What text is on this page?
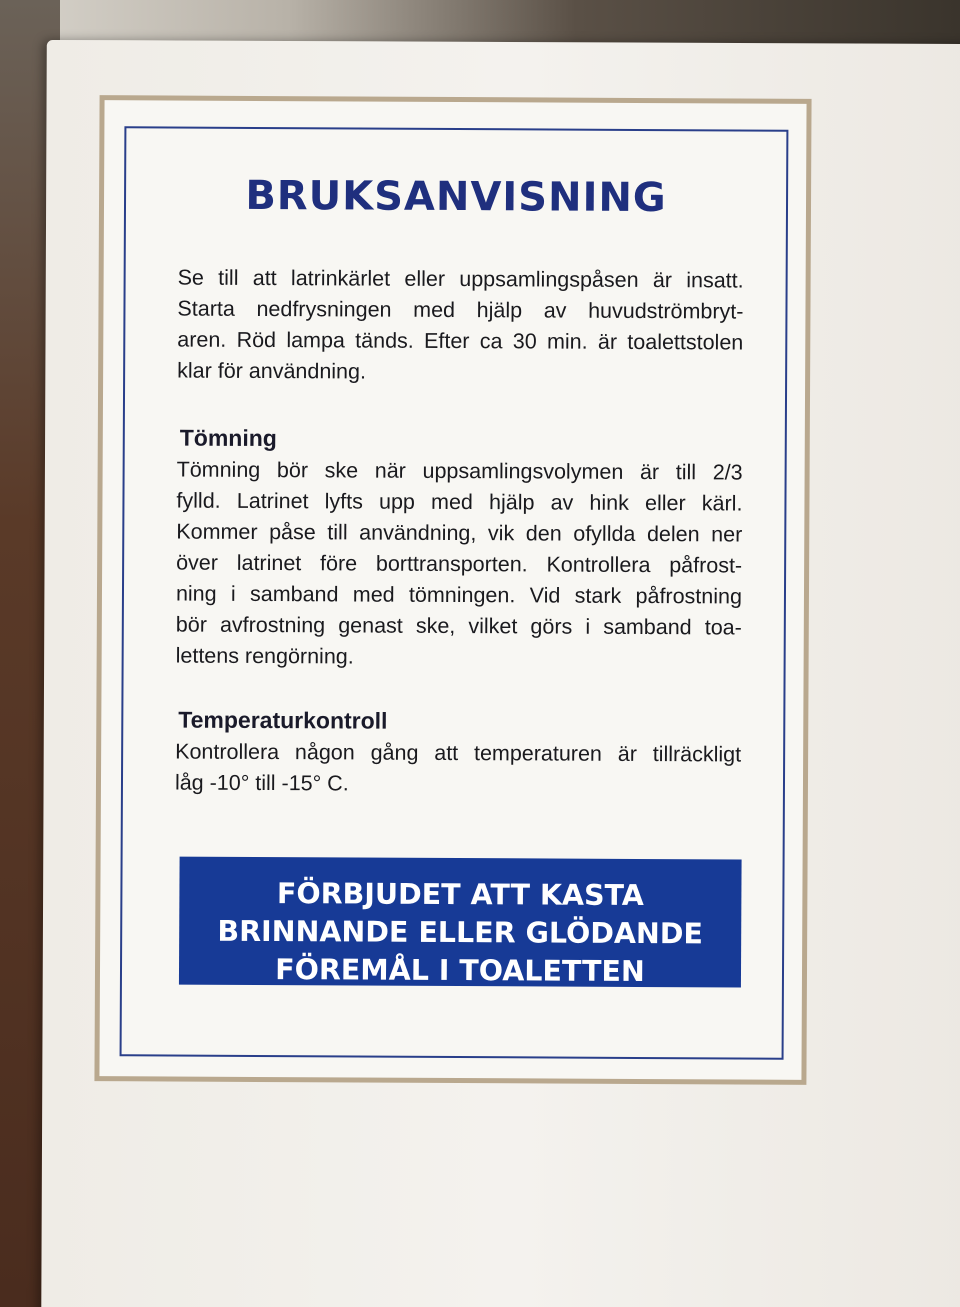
BRUKSANVISNING
Se till att latrinkärlet eller uppsamlingspåsen är insatt.
Starta nedfrysningen med hjälp av huvudströmbryt-
aren. Röd lampa tänds. Efter ca 30 min. är toalettstolen
klar för användning.
Tömning
Tömning bör ske när uppsamlingsvolymen är till 2/3
fylld. Latrinet lyfts upp med hjälp av hink eller kärl.
Kommer påse till användning, vik den ofyllda delen ner
över latrinet före borttransporten. Kontrollera påfrost-
ning i samband med tömningen. Vid stark påfrostning
bör avfrostning genast ske, vilket görs i samband toa-
lettens rengörning.
Temperaturkontroll
Kontrollera någon gång att temperaturen är tillräckligt
låg -10° till -15° C.
FÖRBJUDET ATT KASTA
BRINNANDE ELLER GLÖDANDE
FÖREMÅL I TOALETTEN
